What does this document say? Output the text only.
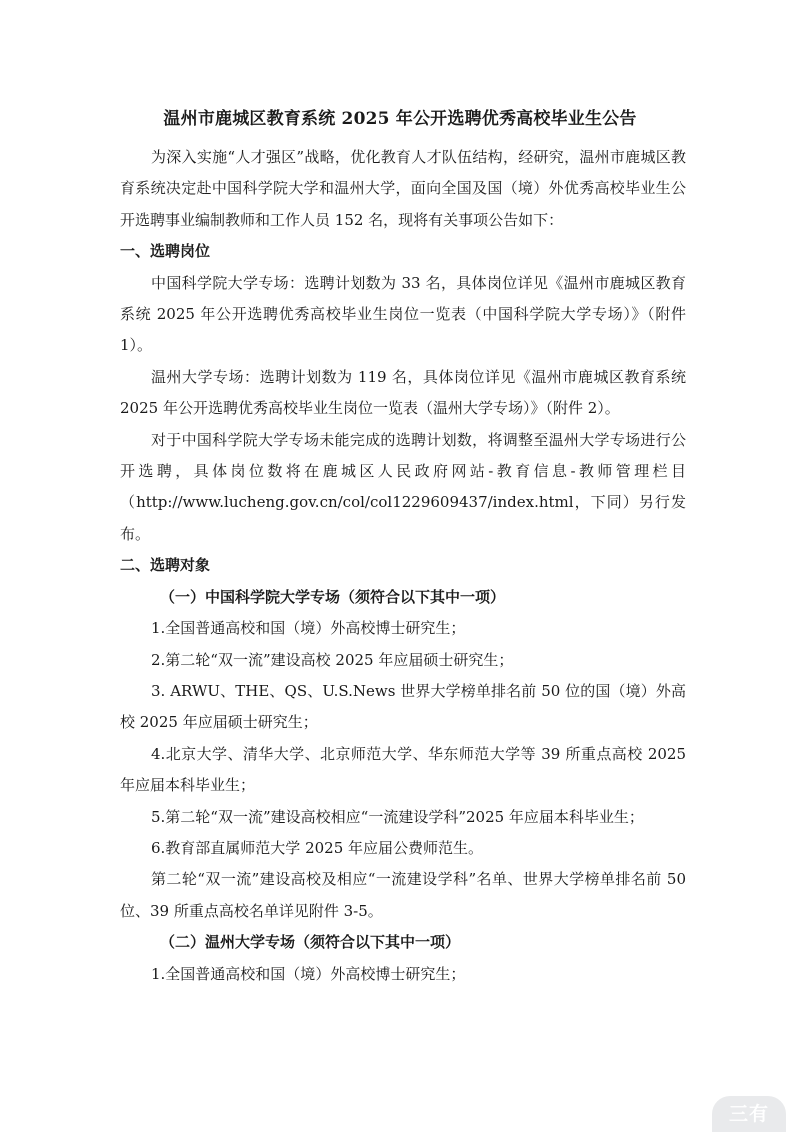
温州市鹿城区教育系统 2025 年公开选聘优秀高校毕业生公告

为深入实施“人才强区”战略，优化教育人才队伍结构，经研究，温州市鹿城区教育系统决定赴中国科学院大学和温州大学，面向全国及国（境）外优秀高校毕业生公开选聘事业编制教师和工作人员 152 名，现将有关事项公告如下：

一、选聘岗位

中国科学院大学专场：选聘计划数为 33 名，具体岗位详见《温州市鹿城区教育系统 2025 年公开选聘优秀高校毕业生岗位一览表（中国科学院大学专场）》（附件 1）。

温州大学专场：选聘计划数为 119 名，具体岗位详见《温州市鹿城区教育系统 2025 年公开选聘优秀高校毕业生岗位一览表（温州大学专场）》（附件 2）。

对于中国科学院大学专场未能完成的选聘计划数，将调整至温州大学专场进行公开选聘，具体岗位数将在鹿城区人民政府网站-教育信息-教师管理栏目（http://www.lucheng.gov.cn/col/col1229609437/index.html，下同）另行发布。

二、选聘对象

（一）中国科学院大学专场（须符合以下其中一项）

1.全国普通高校和国（境）外高校博士研究生；

2.第二轮“双一流”建设高校 2025 年应届硕士研究生；

3. ARWU、THE、QS、U.S.News 世界大学榜单排名前 50 位的国（境）外高校 2025 年应届硕士研究生；

4.北京大学、清华大学、北京师范大学、华东师范大学等 39 所重点高校 2025 年应届本科毕业生；

5.第二轮“双一流”建设高校相应“一流建设学科”2025 年应届本科毕业生；

6.教育部直属师范大学 2025 年应届公费师范生。

第二轮“双一流”建设高校及相应“一流建设学科”名单、世界大学榜单排名前 50 位、39 所重点高校名单详见附件 3-5。

（二）温州大学专场（须符合以下其中一项）

1.全国普通高校和国（境）外高校博士研究生；

三有
